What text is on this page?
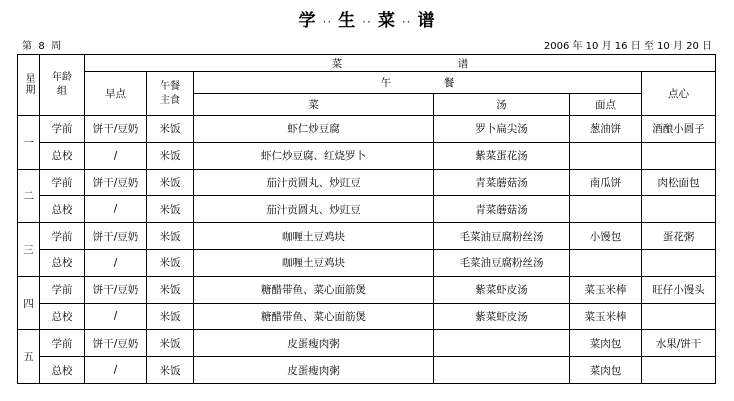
学 ·· 生 ·· 菜 ·· 谱
第 8 周	2006 年 10 月 16 日 至 10 月 20 日
星期	年龄组	菜　　　　　　　　　　　谱					
		早点	午餐主食	午　　　　　餐			点心
				菜	汤	面点	
一	学前	饼干/豆奶	米饭	虾仁炒豆腐	罗卜扁尖汤	葱油饼	酒酿小圆子
	总校	/	米饭	虾仁炒豆腐、红烧罗卜	紫菜蛋花汤		
二	学前	饼干/豆奶	米饭	茄汁贡圆丸、炒豇豆	青菜蘑菇汤	南瓜饼	肉松面包
	总校	/	米饭	茄汁贡圆丸、炒豇豆	青菜蘑菇汤		
三	学前	饼干/豆奶	米饭	咖喱土豆鸡块	毛菜油豆腐粉丝汤	小馒包	蛋花粥
	总校	/	米饭	咖喱土豆鸡块	毛菜油豆腐粉丝汤		
四	学前	饼干/豆奶	米饭	糖醋带鱼、菜心面筋煲	紫菜虾皮汤	菜玉米棒	旺仔小馒头
	总校	/	米饭	糖醋带鱼、菜心面筋煲	紫菜虾皮汤	菜玉米棒	
五	学前	饼干/豆奶	米饭	皮蛋瘦肉粥		菜肉包	水果/饼干
	总校	/	米饭	皮蛋瘦肉粥		菜肉包	
